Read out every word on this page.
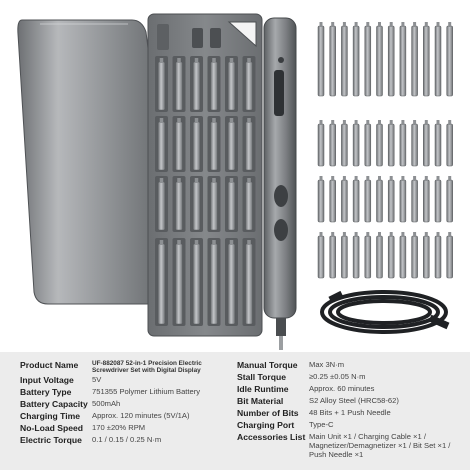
Product Name	UF-882087 52-in-1 Precision Electric Screwdriver Set with Digital Display
Input Voltage	5V
Battery Type	751355 Polymer Lithium Battery
Battery Capacity 500mAh
Charging Time	Approx. 120 minutes (5V/1A)
No-Load Speed	170 ±20% RPM
Electric Torque	0.1 / 0.15 / 0.25 N·m
Manual Torque	Max 3N·m
Stall Torque	≥0.25 ±0.05 N·m
Idle Runtime	Approx. 60 minutes
Bit Material	S2 Alloy Steel (HRC58-62)
Number of Bits	48 Bits + 1 Push Needle
Charging Port	Type-C
Accessories List Main Unit ×1 / Charging Cable ×1 / Magnetizer/Demagnetizer ×1 / Bit Set ×1 / Push Needle ×1
